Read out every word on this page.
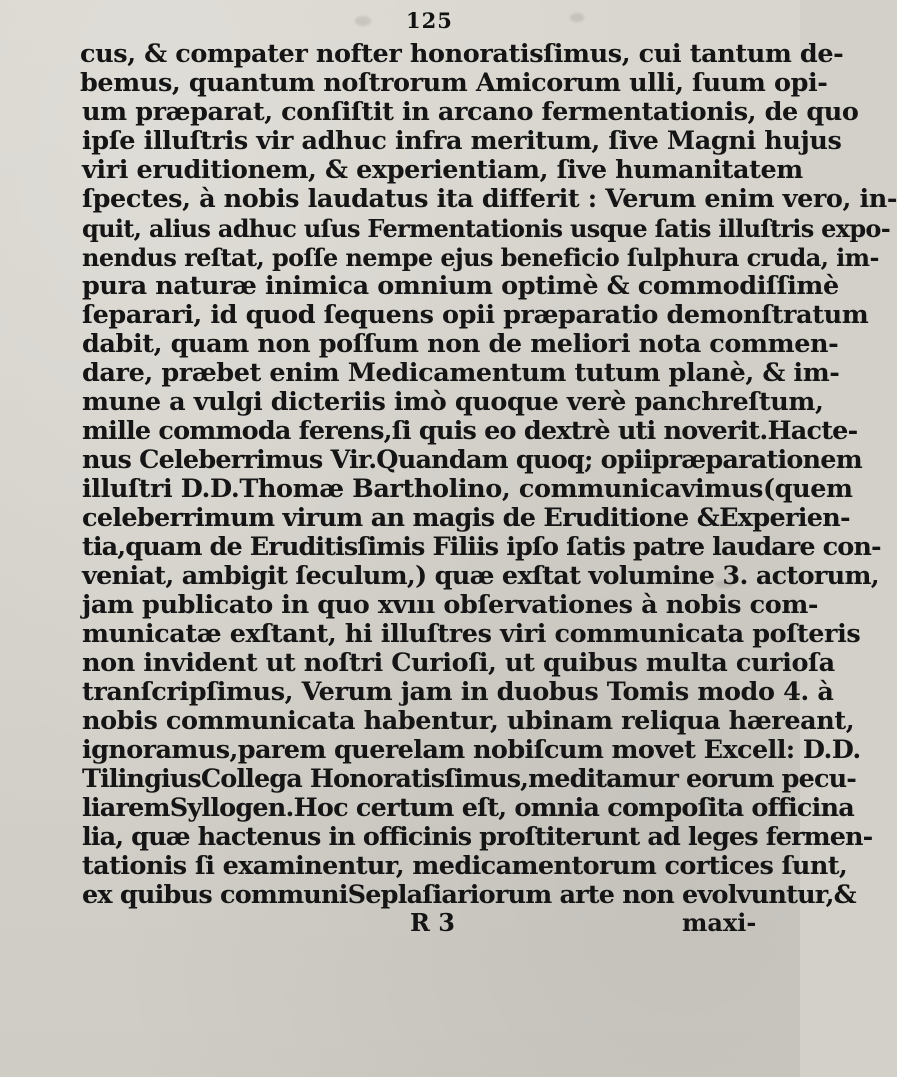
125
cus, & compater nofter honoratisſimus, cui tantum de-
bemus, quantum noſtrorum Amicorum ulli, ſuum opi-
um præparat, conſiſtit in arcano fermentationis, de quo
ipſe illuſtris vir adhuc infra meritum, ſive Magni hujus
viri eruditionem, & experientiam, ſive humanitatem
ſpectes, à nobis laudatus ita differit : Verum enim vero, in-
quit, alius adhuc uſus Fermentationis usque ſatis illuſtris expo-
nendus reſtat, poſſe nempe ejus beneficio ſulphura cruda, im-
pura naturæ inimica omnium optimè & commodiſſimè
ſeparari, id quod ſequens opii præparatio demonſtratum
dabit, quam non poſſum non de meliori nota commen-
dare, præbet enim Medicamentum tutum planè, & im-
mune a vulgi dicteriis imò quoque verè panchreſtum,
mille commoda ferens,ſi quis eo dextrè uti noverit.Hacte-
nus Celeberrimus Vir.Quandam quoq; opiipræparationem
illuſtri D.D.Thomæ Bartholino, communicavimus(quem
celeberrimum virum an magis de Eruditione &Experien-
tia,quam de Eruditisſimis Filiis ipſo ſatis patre laudare con-
veniat, ambigit ſeculum,) quæ exſtat volumine 3. actorum,
jam publicato in quo xvııı obſervationes à nobis com-
municatæ exſtant, hi illuſtres viri communicata poſteris
non invident ut noſtri Curioſi, ut quibus multa curioſa
tranſcripſimus, Verum jam in duobus Tomis modo 4. à
nobis communicata habentur, ubinam reliqua hæreant,
ignoramus,parem querelam nobiſcum movet Excell: D.D.
TilingiusCollega Honoratisſimus,meditamur eorum pecu-
liaremSyllogen.Hoc certum eſt, omnia compoſita officina
lia, quæ hactenus in officinis proſtiterunt ad leges fermen-
tationis ſi examinentur, medicamentorum cortices ſunt,
ex quibus communiSeplaſiariorum arte non evolvuntur,&
R 3	maxi-
